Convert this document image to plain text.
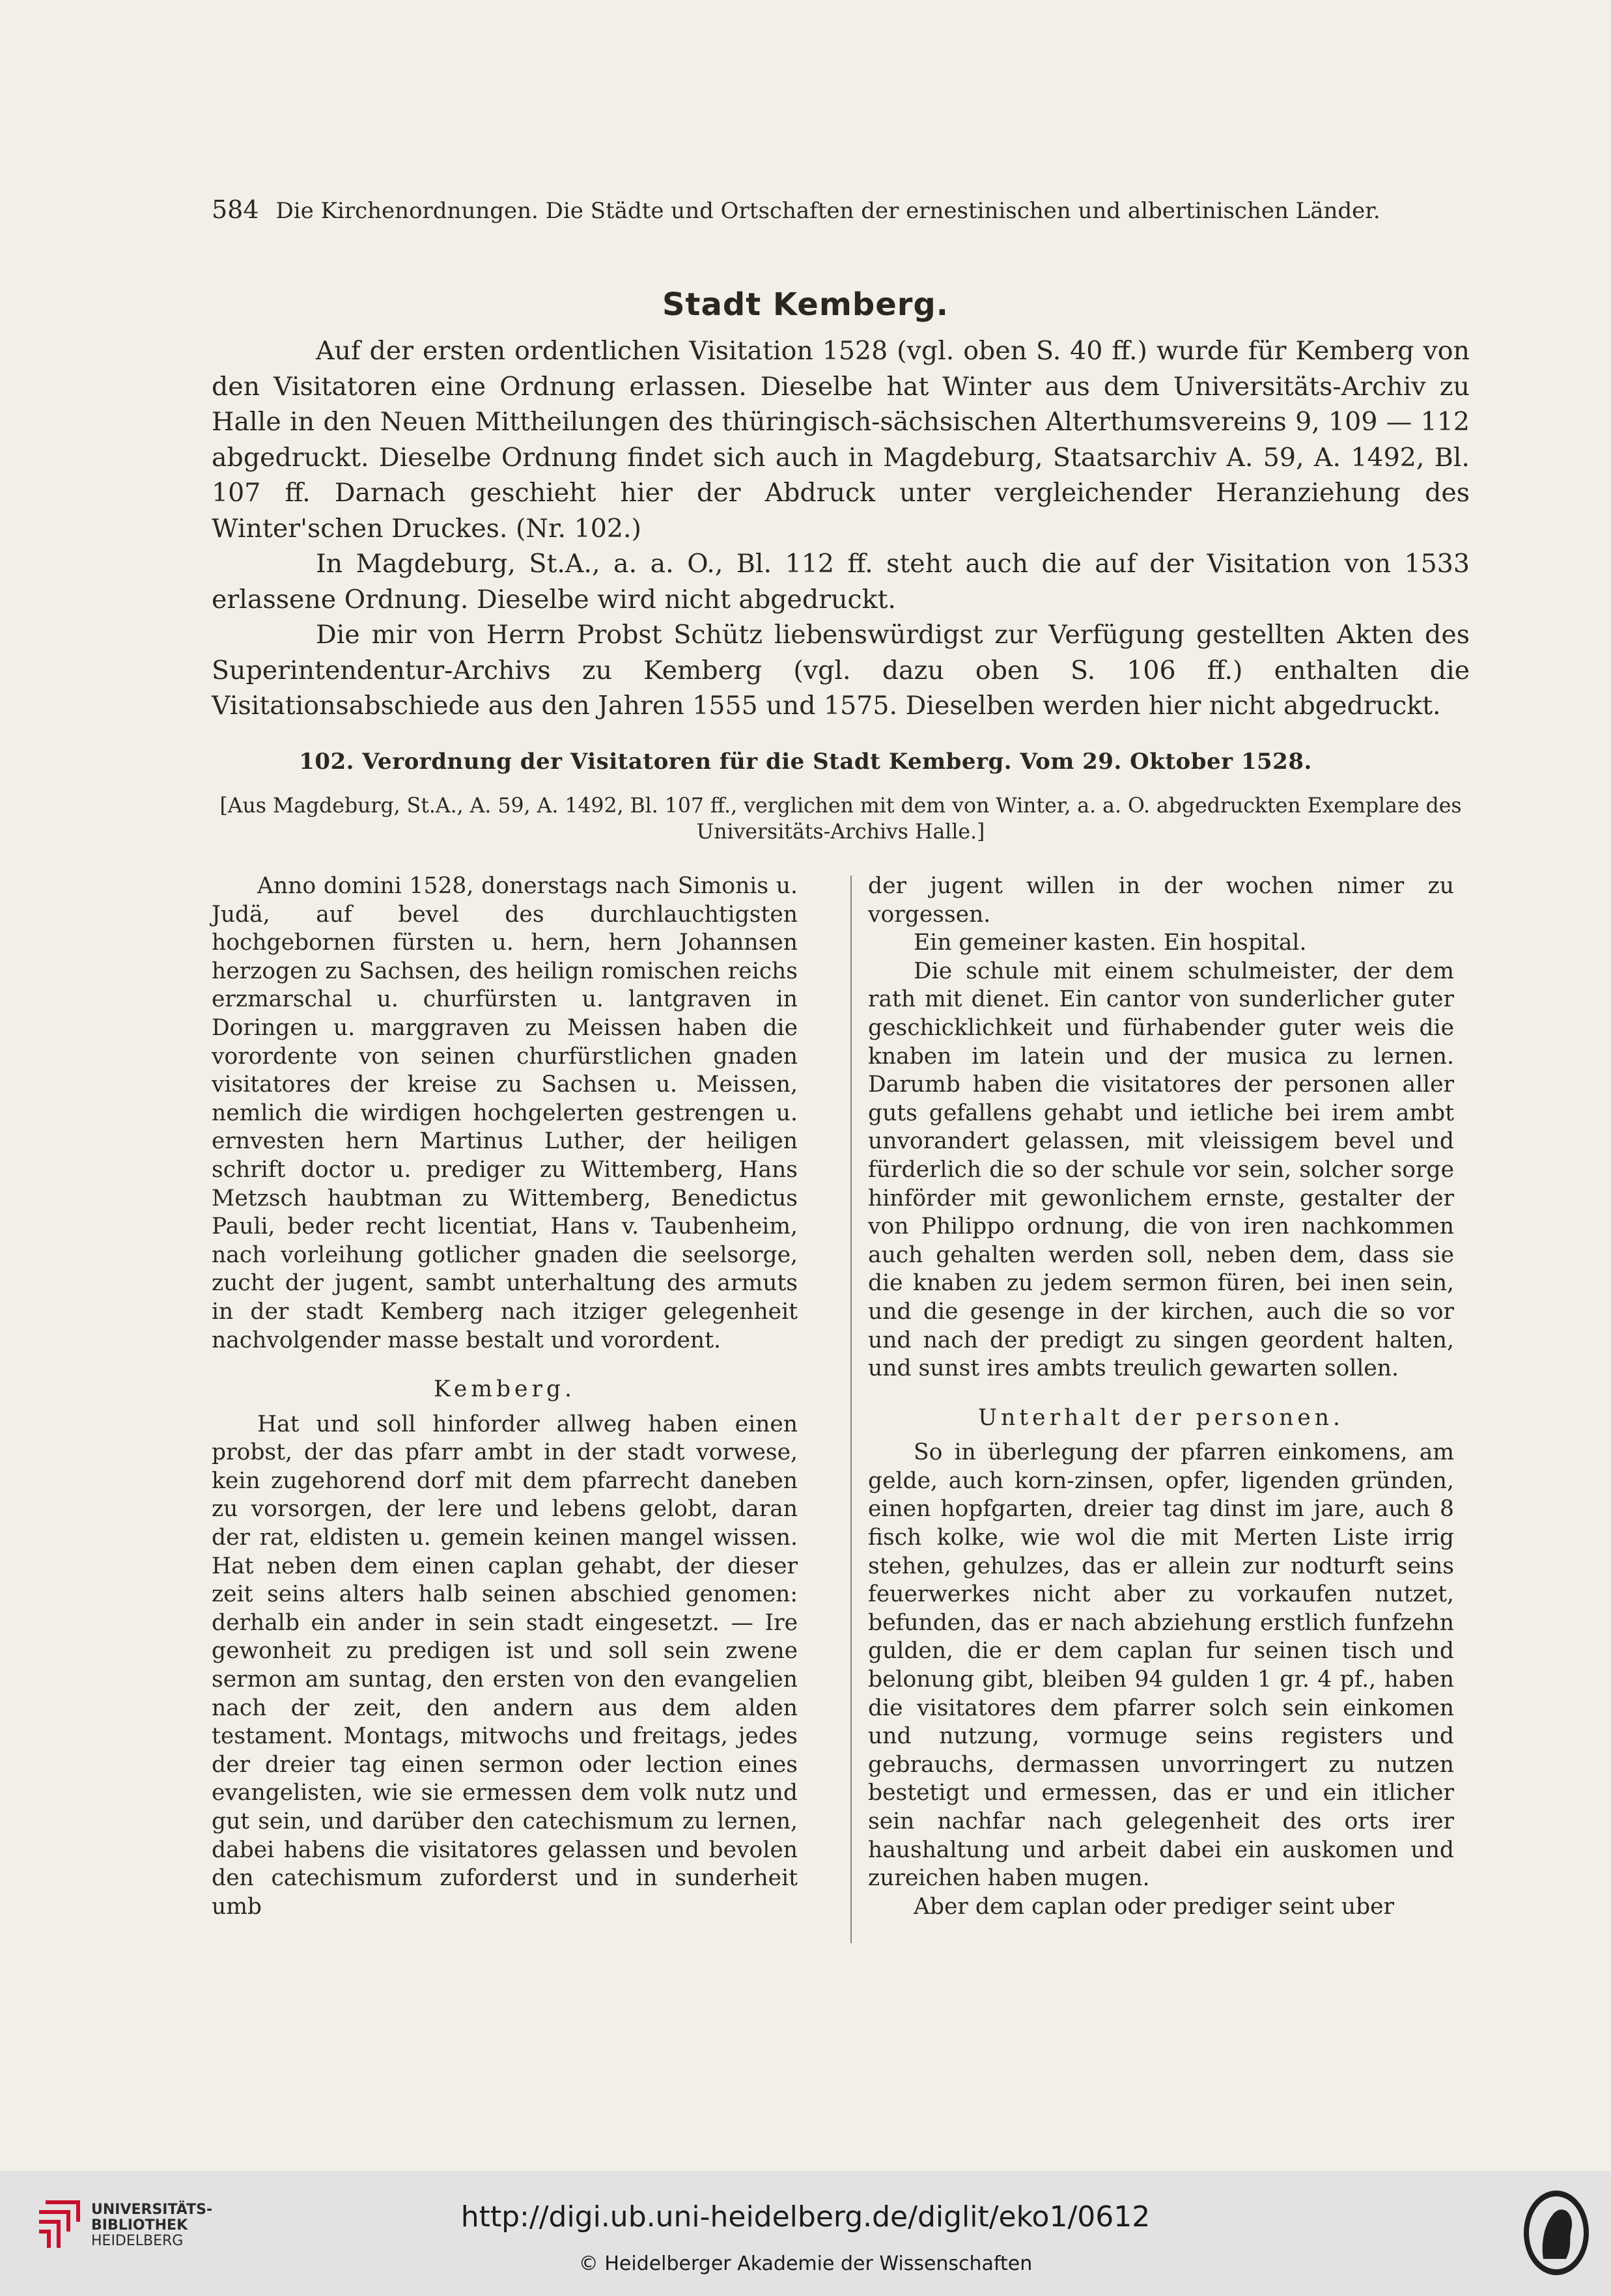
584 Die Kirchenordnungen. Die Städte und Ortschaften der ernestinischen und albertinischen Länder.
Stadt Kemberg.

Auf der ersten ordentlichen Visitation 1528 (vgl. oben S. 40 ff.) wurde für Kemberg von den Visitatoren eine Ordnung erlassen. Dieselbe hat Winter aus dem Universitäts-Archiv zu Halle in den Neuen Mittheilungen des thüringisch-sächsischen Alterthumsvereins 9, 109 — 112 abgedruckt. Dieselbe Ordnung findet sich auch in Magdeburg, Staatsarchiv A. 59, A. 1492, Bl. 107 ff. Darnach geschieht hier der Abdruck unter vergleichender Heranziehung des Winter'schen Druckes. (Nr. 102.)

In Magdeburg, St.A., a. a. O., Bl. 112 ff. steht auch die auf der Visitation von 1533 erlassene Ordnung. Dieselbe wird nicht abgedruckt.

Die mir von Herrn Probst Schütz liebenswürdigst zur Verfügung gestellten Akten des Superintendentur-Archivs zu Kemberg (vgl. dazu oben S. 106 ff.) enthalten die Visitationsabschiede aus den Jahren 1555 und 1575. Dieselben werden hier nicht abgedruckt.

102. Verordnung der Visitatoren für die Stadt Kemberg. Vom 29. Oktober 1528.
[Aus Magdeburg, St.A., A. 59, A. 1492, Bl. 107 ff., verglichen mit dem von Winter, a. a. O. abgedruckten Exemplare des Universitäts-Archivs Halle.]

Anno domini 1528, donerstags nach Simonis u. Judä, auf bevel des durchlauchtigsten hochgebornen fürsten u. hern, hern Johannsen herzogen zu Sachsen, des heilign romischen reichs erzmarschal u. churfürsten u. lantgraven in Doringen u. marggraven zu Meissen haben die vorordente von seinen churfürstlichen gnaden visitatores der kreise zu Sachsen u. Meissen, nemlich die wirdigen hochgelerten gestrengen u. ernvesten hern Martinus Luther, der heiligen schrift doctor u. prediger zu Wittemberg, Hans Metzsch haubtman zu Wittemberg, Benedictus Pauli, beder recht licentiat, Hans v. Taubenheim, nach vorleihung gotlicher gnaden die seelsorge, zucht der jugent, sambt unterhaltung des armuts in der stadt Kemberg nach itziger gelegenheit nachvolgender masse bestalt und vorordent.

Kemberg.

Hat und soll hinforder allweg haben einen probst, der das pfarr ambt in der stadt vorwese, kein zugehorend dorf mit dem pfarrecht daneben zu vorsorgen, der lere und lebens gelobt, daran der rat, eldisten u. gemein keinen mangel wissen. Hat neben dem einen caplan gehabt, der dieser zeit seins alters halb seinen abschied genomen: derhalb ein ander in sein stadt eingesetzt. — Ire gewonheit zu predigen ist und soll sein zwene sermon am suntag, den ersten von den evangelien nach der zeit, den andern aus dem alden testament. Montags, mitwochs und freitags, jedes der dreier tag einen sermon oder lection eines evangelisten, wie sie ermessen dem volk nutz und gut sein, und darüber den catechismum zu lernen, dabei habens die visitatores gelassen und bevolen den catechismum zuforderst und in sunderheit umb

der jugent willen in der wochen nimer zu vorgessen.

Ein gemeiner kasten. Ein hospital.

Die schule mit einem schulmeister, der dem rath mit dienet. Ein cantor von sunderlicher guter geschicklichkeit und fürhabender guter weis die knaben im latein und der musica zu lernen. Darumb haben die visitatores der personen aller guts gefallens gehabt und ietliche bei irem ambt unvorandert gelassen, mit vleissigem bevel und fürderlich die so der schule vor sein, solcher sorge hinförder mit gewonlichem ernste, gestalter der von Philippo ordnung, die von iren nachkommen auch gehalten werden soll, neben dem, dass sie die knaben zu jedem sermon füren, bei inen sein, und die gesenge in der kirchen, auch die so vor und nach der predigt zu singen geordent halten, und sunst ires ambts treulich gewarten sollen.

Unterhalt der personen.

So in überlegung der pfarren einkomens, am gelde, auch korn-zinsen, opfer, ligenden gründen, einen hopfgarten, dreier tag dinst im jare, auch 8 fisch kolke, wie wol die mit Merten Liste irrig stehen, gehulzes, das er allein zur nodturft seins feuerwerkes nicht aber zu vorkaufen nutzet, befunden, das er nach abziehung erstlich funfzehn gulden, die er dem caplan fur seinen tisch und belonung gibt, bleiben 94 gulden 1 gr. 4 pf., haben die visitatores dem pfarrer solch sein einkomen und nutzung, vormuge seins registers und gebrauchs, dermassen unvorringert zu nutzen bestetigt und ermessen, das er und ein itlicher sein nachfar nach gelegenheit des orts irer haushaltung und arbeit dabei ein auskomen und zureichen haben mugen.

Aber dem caplan oder prediger seint uber

UNIVERSITÄTS-
BIBLIOTHEK
HEIDELBERG
http://digi.ub.uni-heidelberg.de/diglit/eko1/0612
© Heidelberger Akademie der Wissenschaften
